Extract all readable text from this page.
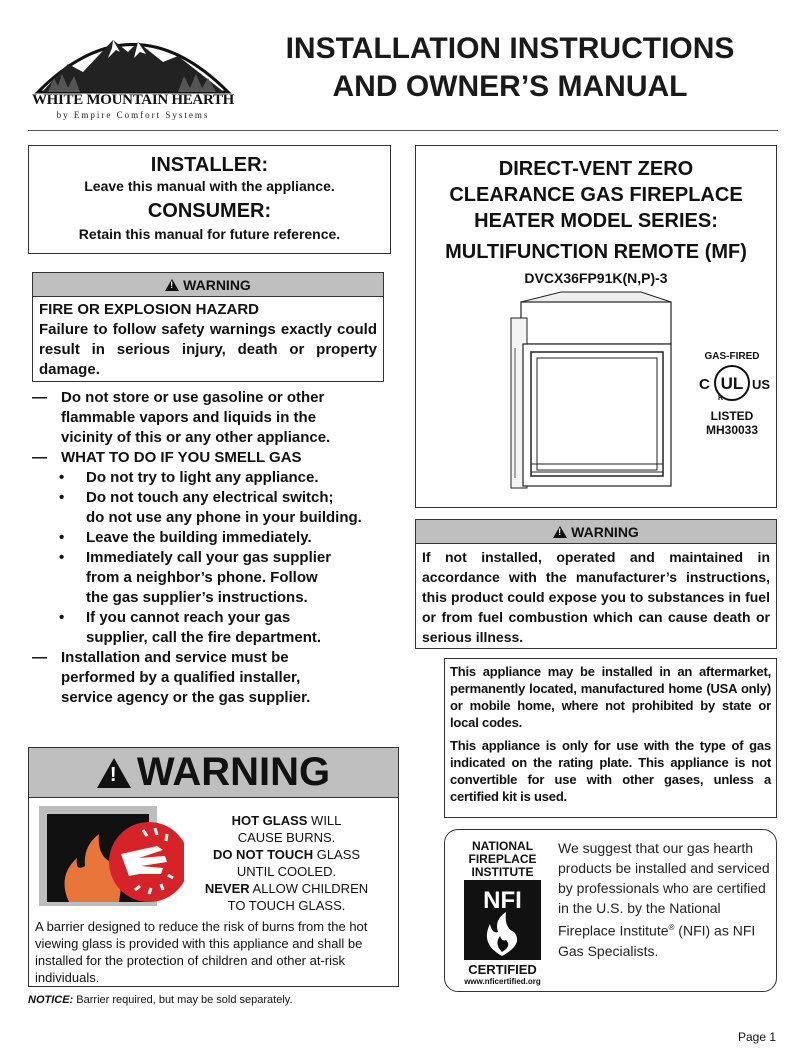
WHITE MOUNTAIN HEARTH
by Empire Comfort Systems
INSTALLATION INSTRUCTIONS
AND OWNER’S MANUAL
INSTALLER:
Leave this manual with the appliance.
CONSUMER:
Retain this manual for future reference.
!
WARNING
FIRE OR EXPLOSION HAZARD
Failure to follow safety warnings exactly could result in serious injury, death or property damage.
— Do not store or use gasoline or other
flammable vapors and liquids in the
vicinity of this or any other appliance.
— WHAT TO DO IF YOU SMELL GAS
• Do not try to light any appliance.
• Do not touch any electrical switch;
do not use any phone in your building.
• Leave the building immediately.
• Immediately call your gas supplier
from a neighbor’s phone. Follow
the gas supplier’s instructions.
• If you cannot reach your gas
supplier, call the fire department.
— Installation and service must be
performed by a qualified installer,
service agency or the gas supplier.
!
WARNING
HOT GLASS WILL
CAUSE BURNS.
DO NOT TOUCH GLASS
UNTIL COOLED.
NEVER ALLOW CHILDREN
TO TOUCH GLASS.
A barrier designed to reduce the risk of burns from the hot viewing glass is provided with this appliance and shall be installed for the protection of children and other at-risk individuals.
NOTICE: Barrier required, but may be sold separately.
DIRECT-VENT ZERO
CLEARANCE GAS FIREPLACE
HEATER MODEL SERIES:
MULTIFUNCTION REMOTE (MF)
DVCX36FP91K(N,P)-3
GAS-FIRED
C UL US
R
LISTED
MH30033
!
WARNING
If not installed, operated and maintained in accordance with the manufacturer’s instructions, this product could expose you to substances in fuel or from fuel combustion which can cause death or serious illness.

This appliance may be installed in an aftermarket, permanently located, manufactured home (USA only) or mobile home, where not prohibited by state or local codes.

This appliance is only for use with the type of gas indicated on the rating plate. This appliance is not convertible for use with other gases, unless a certified kit is used.

NATIONAL
FIREPLACE
INSTITUTE
NFI
CERTIFIED
www.nficertified.org
We suggest that our gas hearth products be installed and serviced by professionals who are certified in the U.S. by the National Fireplace Institute® (NFI) as NFI Gas Specialists.
Page 1
